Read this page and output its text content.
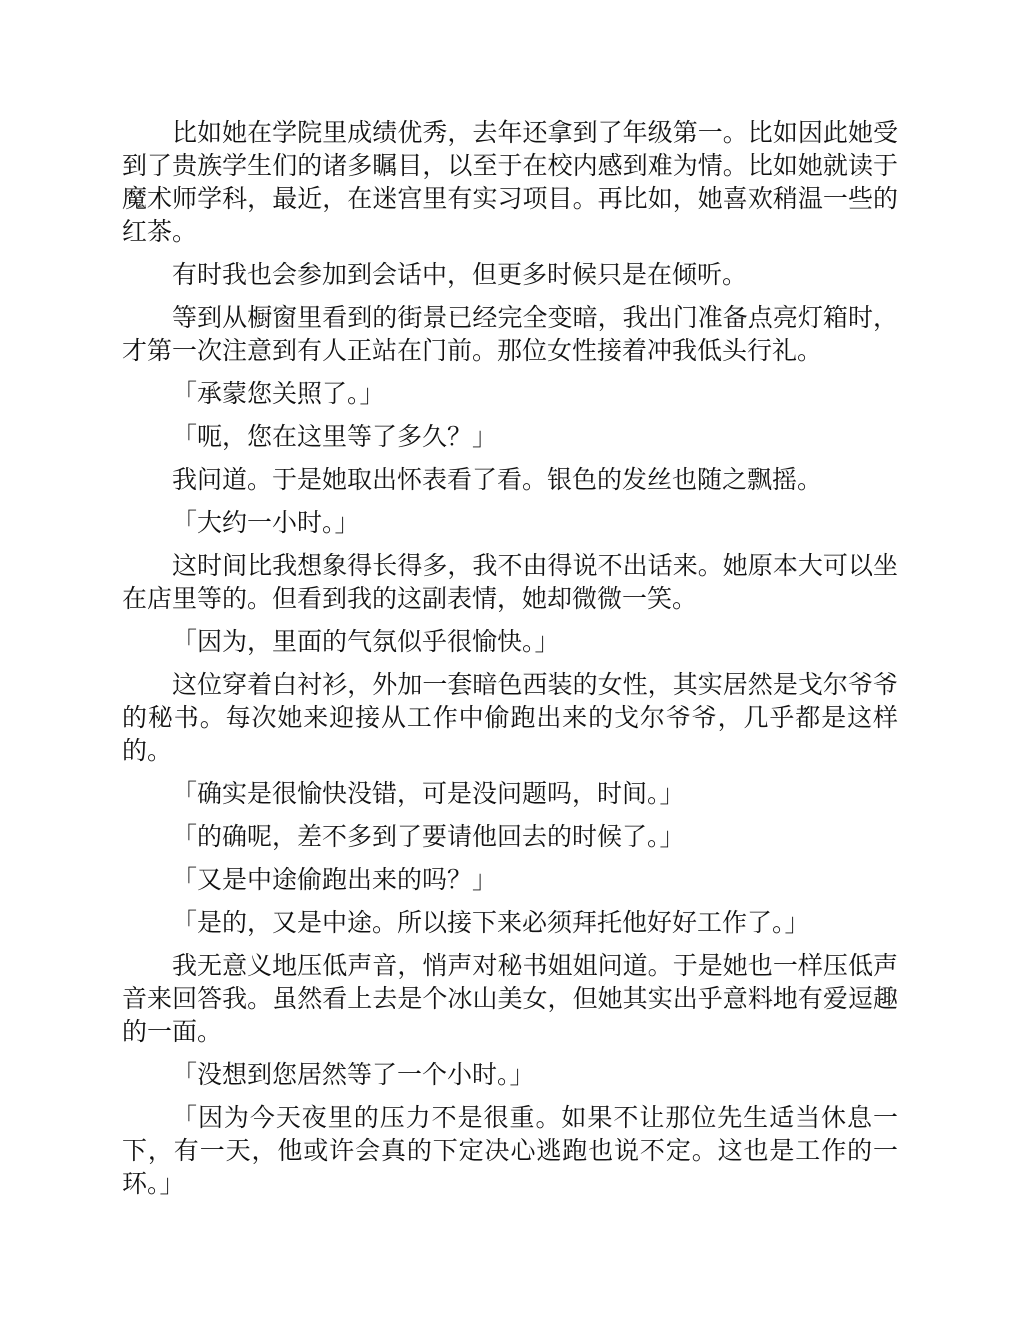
比如她在学院里成绩优秀，去年还拿到了年级第一。比如因此她受到了贵族学生们的诸多瞩目，以至于在校内感到难为情。比如她就读于魔术师学科，最近，在迷宫里有实习项目。再比如，她喜欢稍温一些的红茶。

有时我也会参加到会话中，但更多时候只是在倾听。

等到从橱窗里看到的街景已经完全变暗，我出门准备点亮灯箱时，才第一次注意到有人正站在门前。那位女性接着冲我低头行礼。

「承蒙您关照了。」

「呃，您在这里等了多久？」

我问道。于是她取出怀表看了看。银色的发丝也随之飘摇。

「大约一小时。」

这时间比我想象得长得多，我不由得说不出话来。她原本大可以坐在店里等的。但看到我的这副表情，她却微微一笑。

「因为，里面的气氛似乎很愉快。」

这位穿着白衬衫，外加一套暗色西装的女性，其实居然是戈尔爷爷的秘书。每次她来迎接从工作中偷跑出来的戈尔爷爷，几乎都是这样的。

「确实是很愉快没错，可是没问题吗，时间。」

「的确呢，差不多到了要请他回去的时候了。」

「又是中途偷跑出来的吗？」

「是的，又是中途。所以接下来必须拜托他好好工作了。」

我无意义地压低声音，悄声对秘书姐姐问道。于是她也一样压低声音来回答我。虽然看上去是个冰山美女，但她其实出乎意料地有爱逗趣的一面。

「没想到您居然等了一个小时。」

「因为今天夜里的压力不是很重。如果不让那位先生适当休息一下，有一天，他或许会真的下定决心逃跑也说不定。这也是工作的一环。」
